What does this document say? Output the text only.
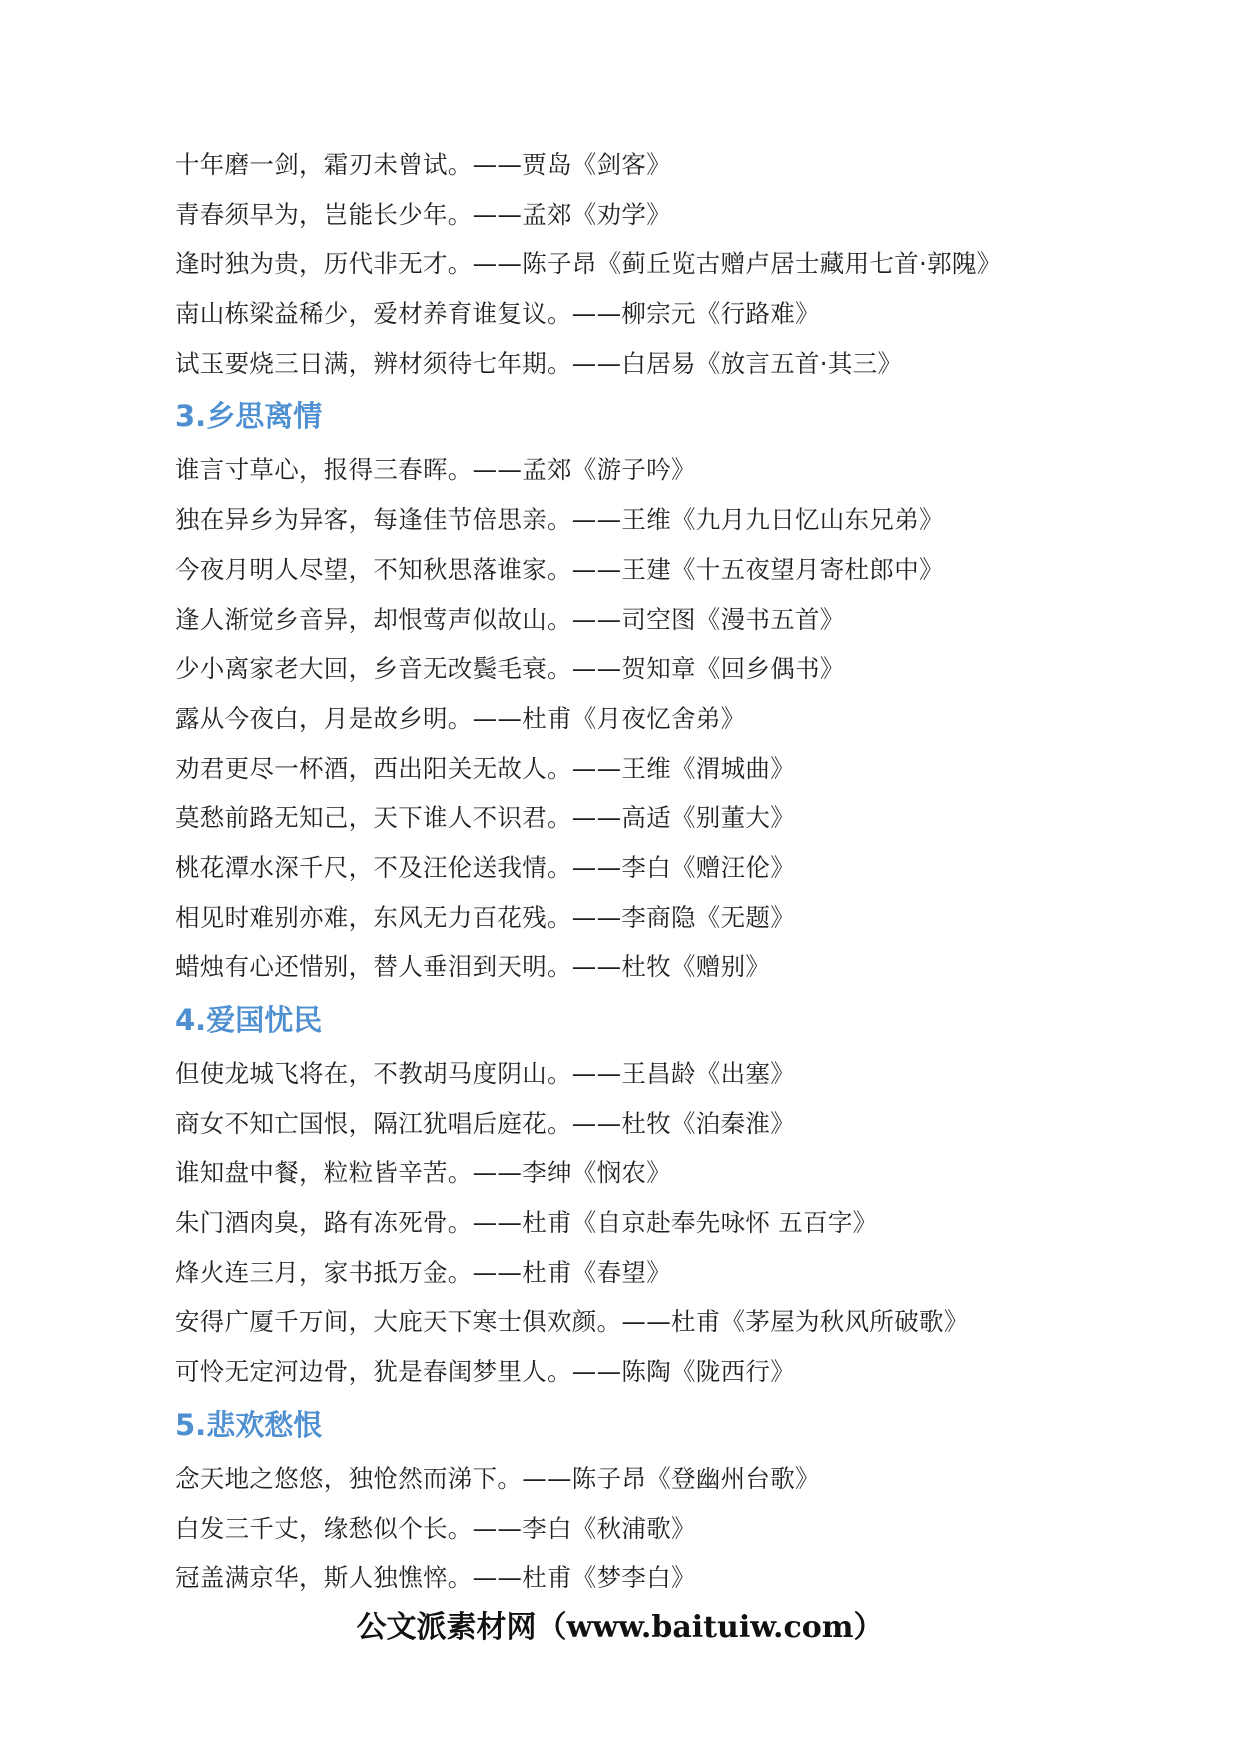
十年磨一剑，霜刃未曾试。——贾岛《剑客》
青春须早为，岂能长少年。——孟郊《劝学》
逢时独为贵，历代非无才。——陈子昂《蓟丘览古赠卢居士藏用七首·郭隗》
南山栋梁益稀少，爱材养育谁复议。——柳宗元《行路难》
试玉要烧三日满，辨材须待七年期。——白居易《放言五首·其三》
3.乡思离情
谁言寸草心，报得三春晖。——孟郊《游子吟》
独在异乡为异客，每逢佳节倍思亲。——王维《九月九日忆山东兄弟》
今夜月明人尽望，不知秋思落谁家。——王建《十五夜望月寄杜郎中》
逢人渐觉乡音异，却恨莺声似故山。——司空图《漫书五首》
少小离家老大回，乡音无改鬓毛衰。——贺知章《回乡偶书》
露从今夜白，月是故乡明。——杜甫《月夜忆舍弟》
劝君更尽一杯酒，西出阳关无故人。——王维《渭城曲》
莫愁前路无知己，天下谁人不识君。——高适《别董大》
桃花潭水深千尺，不及汪伦送我情。——李白《赠汪伦》
相见时难别亦难，东风无力百花残。——李商隐《无题》
蜡烛有心还惜别，替人垂泪到天明。——杜牧《赠别》
4.爱国忧民
但使龙城飞将在，不教胡马度阴山。——王昌龄《出塞》
商女不知亡国恨，隔江犹唱后庭花。——杜牧《泊秦淮》
谁知盘中餐，粒粒皆辛苦。——李绅《悯农》
朱门酒肉臭，路有冻死骨。——杜甫《自京赴奉先咏怀 五百字》
烽火连三月，家书抵万金。——杜甫《春望》
安得广厦千万间，大庇天下寒士俱欢颜。——杜甫《茅屋为秋风所破歌》
可怜无定河边骨，犹是春闺梦里人。——陈陶《陇西行》
5.悲欢愁恨
念天地之悠悠，独怆然而涕下。——陈子昂《登幽州台歌》
白发三千丈，缘愁似个长。——李白《秋浦歌》
冠盖满京华，斯人独憔悴。——杜甫《梦李白》
公文派素材网（www.baituiw.com）
